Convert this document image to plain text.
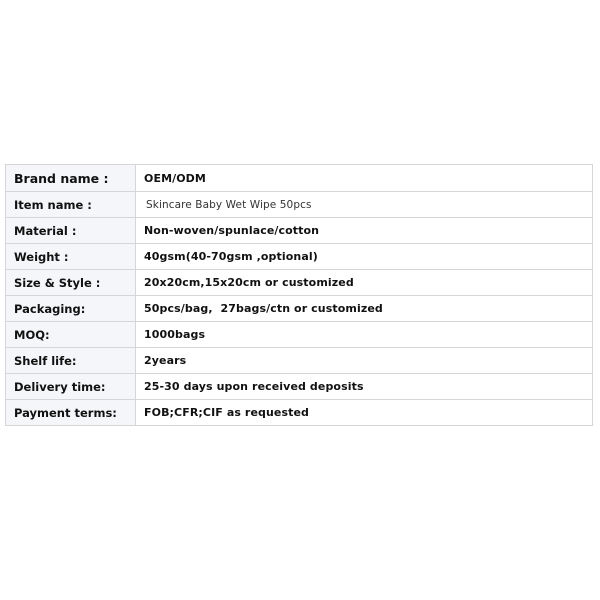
Brand name :	OEM/ODM
Item name :	Skincare Baby Wet Wipe 50pcs
Material :	Non-woven/spunlace/cotton
Weight :	40gsm(40-70gsm ,optional)
Size & Style :	20x20cm,15x20cm or customized
Packaging:	50pcs/bag,  27bags/ctn or customized
MOQ:	1000bags
Shelf life:	2years
Delivery time:	25-30 days upon received deposits
Payment terms:	FOB;CFR;CIF as requested
